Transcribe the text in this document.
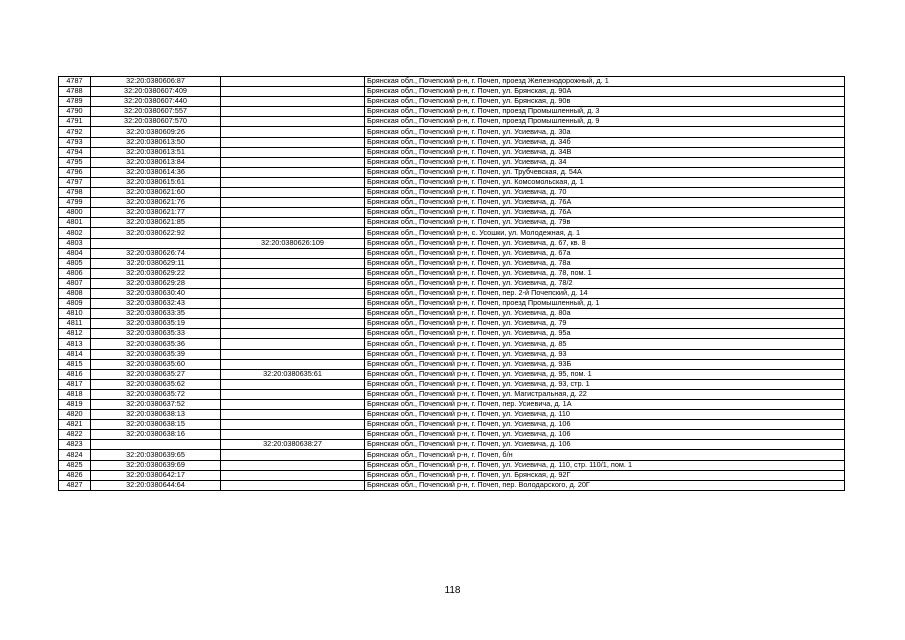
4787	32:20:0380606:87		Брянская обл., Почепский р-н, г. Почеп, проезд Железнодорожный, д. 1
4788	32:20:0380607:409		Брянская обл., Почепский р-н, г. Почеп, ул. Брянская, д. 90А
4789	32:20:0380607:440		Брянская обл., Почепский р-н, г. Почеп, ул. Брянская, д. 90в
4790	32:20:0380607:557		Брянская обл., Почепский р-н, г. Почеп, проезд Промышленный, д. 3
4791	32:20:0380607:570		Брянская обл., Почепский р-н, г. Почеп, проезд Промышленный, д. 9
4792	32:20:0380609:26		Брянская обл., Почепский р-н, г. Почеп, ул. Усиевича, д. 30а
4793	32:20:0380613:50		Брянская обл., Почепский р-н, г. Почеп, ул. Усиевича, д. 34б
4794	32:20:0380613:51		Брянская обл., Почепский р-н, г. Почеп, ул. Усиевича, д. 34В
4795	32:20:0380613:84		Брянская обл., Почепский р-н, г. Почеп, ул. Усиевича, д. 34
4796	32:20:0380614:36		Брянская обл., Почепский р-н, г. Почеп, ул. Трубчевская, д. 54А
4797	32:20:0380615:61		Брянская обл., Почепский р-н, г. Почеп, ул. Комсомольская, д. 1
4798	32:20:0380621:60		Брянская обл., Почепский р-н, г. Почеп, ул. Усиевича, д. 70
4799	32:20:0380621:76		Брянская обл., Почепский р-н, г. Почеп, ул. Усиевича, д. 76А
4800	32:20:0380621:77		Брянская обл., Почепский р-н, г. Почеп, ул. Усиевича, д. 76А
4801	32:20:0380621:85		Брянская обл., Почепский р-н, г. Почеп, ул. Усиевича, д. 79в
4802	32:20:0380622:92		Брянская обл., Почепский р-н, с. Усошки, ул. Молодежная, д. 1
4803		32:20:0380626:109	Брянская обл., Почепский р-н, г. Почеп, ул. Усиевича, д. 67, кв. 8
4804	32:20:0380626:74		Брянская обл., Почепский р-н, г. Почеп, ул. Усиевича, д. 67а
4805	32:20:0380629:11		Брянская обл., Почепский р-н, г. Почеп, ул. Усиевича, д. 78а
4806	32:20:0380629:22		Брянская обл., Почепский р-н, г. Почеп, ул. Усиевича, д. 78, пом. 1
4807	32:20:0380629:28		Брянская обл., Почепский р-н, г. Почеп, ул. Усиевича, д. 78/2
4808	32:20:0380630:40		Брянская обл., Почепский р-н, г. Почеп, пер. 2-й Почепский, д. 14
4809	32:20:0380632:43		Брянская обл., Почепский р-н, г. Почеп, проезд Промышленный, д. 1
4810	32:20:0380633:35		Брянская обл., Почепский р-н, г. Почеп, ул. Усиевича, д. 80а
4811	32:20:0380635:19		Брянская обл., Почепский р-н, г. Почеп, ул. Усиевича, д. 79
4812	32:20:0380635:33		Брянская обл., Почепский р-н, г. Почеп, ул. Усиевича, д. 95а
4813	32:20:0380635:36		Брянская обл., Почепский р-н, г. Почеп, ул. Усиевича, д. 85
4814	32:20:0380635:39		Брянская обл., Почепский р-н, г. Почеп, ул. Усиевича, д. 93
4815	32:20:0380635:60		Брянская обл., Почепский р-н, г. Почеп, ул. Усиевича, д. 93Б
4816	32:20:0380635:27	32:20:0380635:61	Брянская обл., Почепский р-н, г. Почеп, ул. Усиевича, д. 95, пом. 1
4817	32:20:0380635:62		Брянская обл., Почепский р-н, г. Почеп, ул. Усиевича, д. 93, стр. 1
4818	32:20:0380635:72		Брянская обл., Почепский р-н, г. Почеп, ул. Магистральная, д. 22
4819	32:20:0380637:52		Брянская обл., Почепский р-н, г. Почеп, пер. Усиевича, д. 1А
4820	32:20:0380638:13		Брянская обл., Почепский р-н, г. Почеп, ул. Усиевича, д. 110
4821	32:20:0380638:15		Брянская обл., Почепский р-н, г. Почеп, ул. Усиевича, д. 106
4822	32:20:0380638:16		Брянская обл., Почепский р-н, г. Почеп, ул. Усиевича, д. 106
4823		32:20:0380638:27	Брянская обл., Почепский р-н, г. Почеп, ул. Усиевича, д. 106
4824	32:20:0380639:65		Брянская обл., Почепский р-н, г. Почеп, б/н
4825	32:20:0380639:69		Брянская обл., Почепский р-н, г. Почеп, ул. Усиевича, д. 110, стр. 110/1, пом. 1
4826	32:20:0380642:17		Брянская обл., Почепский р-н, г. Почеп, ул. Брянская, д. 92Г
4827	32:20:0380644:64		Брянская обл., Почепский р-н, г. Почеп, пер. Володарского, д. 20Г
118
